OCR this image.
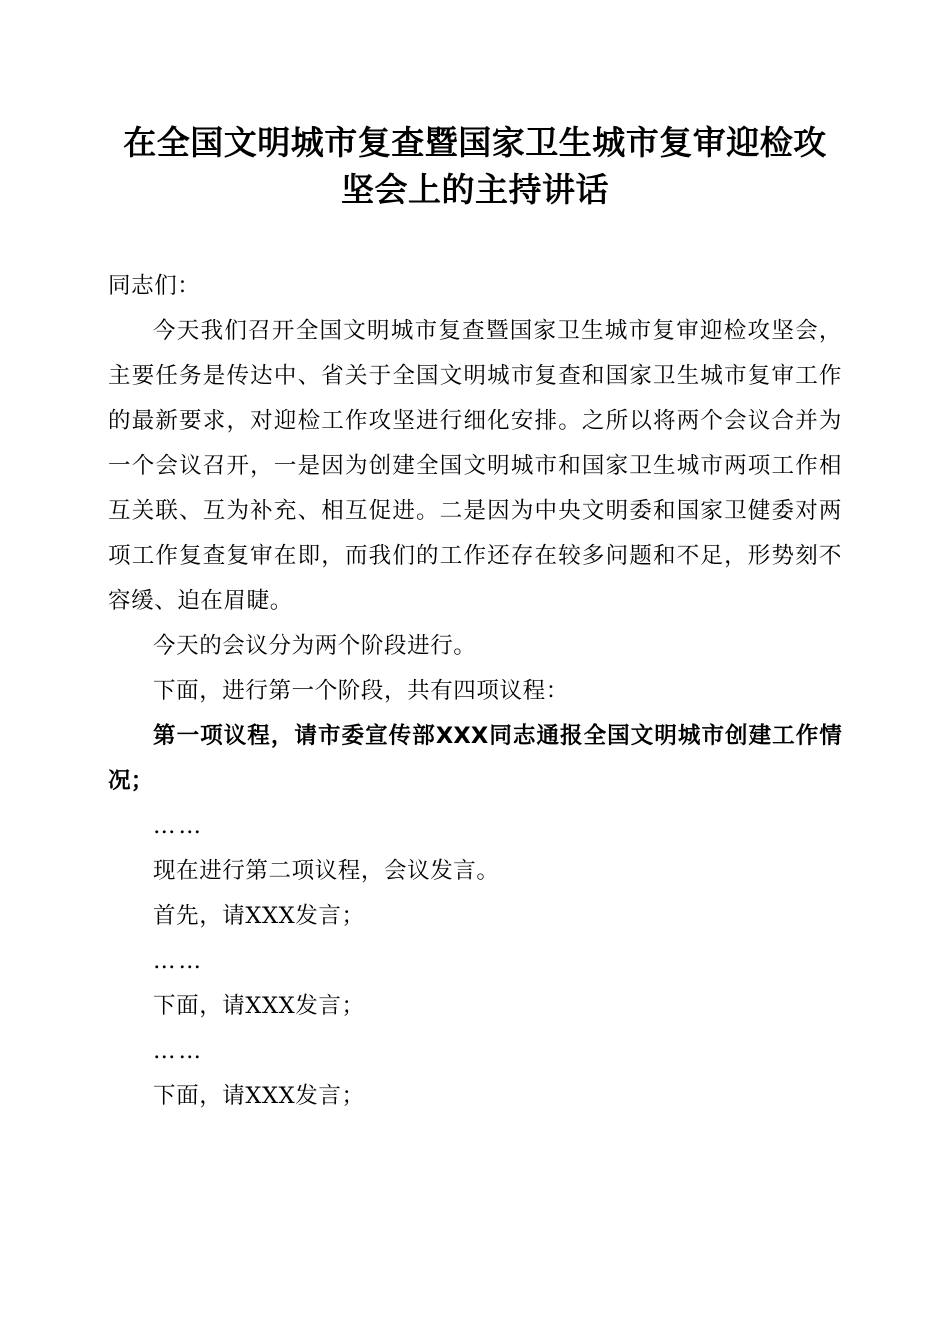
在全国文明城市复查暨国家卫生城市复审迎检攻坚会上的主持讲话

同志们：

今天我们召开全国文明城市复查暨国家卫生城市复审迎检攻坚会，主要任务是传达中、省关于全国文明城市复查和国家卫生城市复审工作的最新要求，对迎检工作攻坚进行细化安排。之所以将两个会议合并为一个会议召开，一是因为创建全国文明城市和国家卫生城市两项工作相互关联、互为补充、相互促进。二是因为中央文明委和国家卫健委对两项工作复查复审在即，而我们的工作还存在较多问题和不足，形势刻不容缓、迫在眉睫。

今天的会议分为两个阶段进行。

下面，进行第一个阶段，共有四项议程：

第一项议程，请市委宣传部XXX同志通报全国文明城市创建工作情况；

……

现在进行第二项议程，会议发言。

首先，请XXX发言；

……

下面，请XXX发言；

……

下面，请XXX发言；
